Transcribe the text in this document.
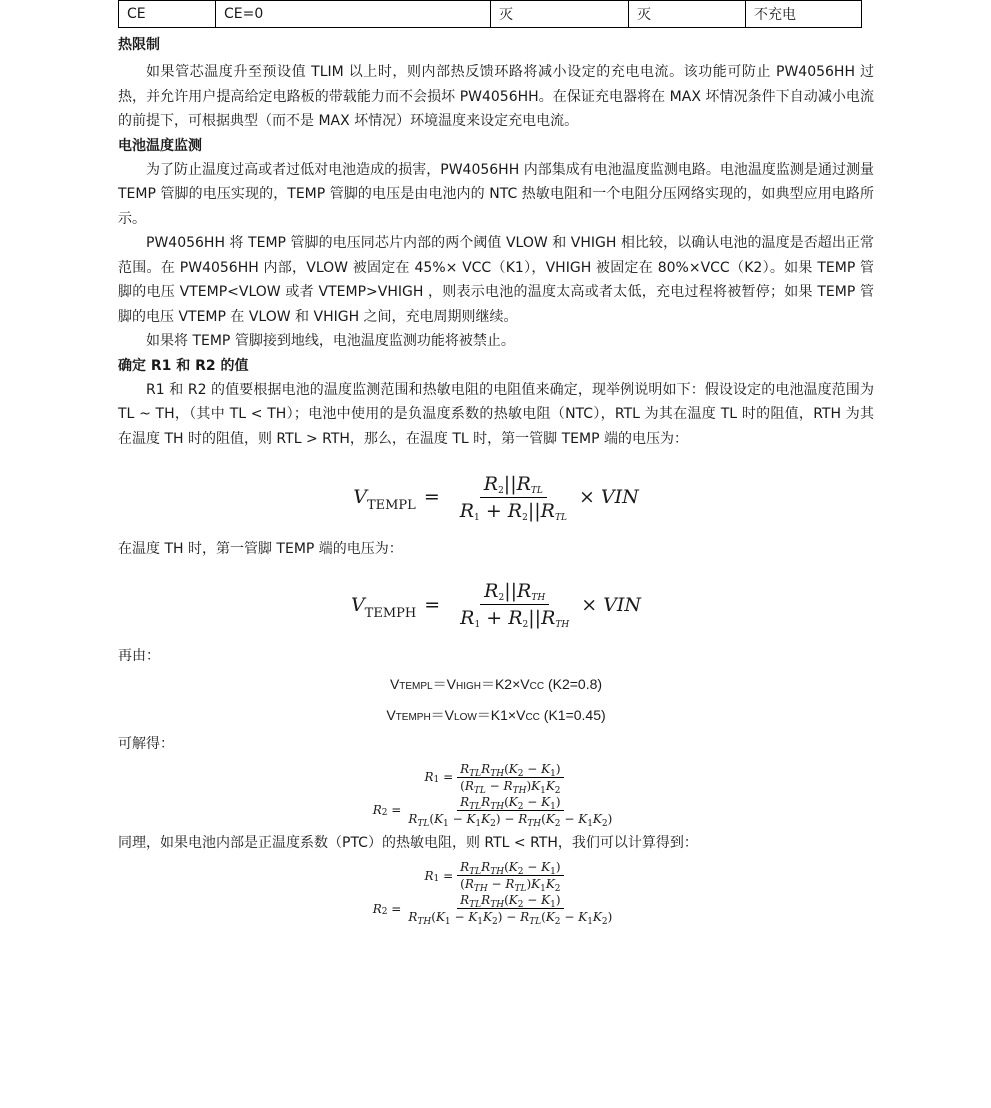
CE	CE=0	灭	灭	不充电
热限制

如果管芯温度升至预设值 TLIM 以上时，则内部热反馈环路将减小设定的充电电流。该功能可防止 PW4056HH 过热，并允许用户提高给定电路板的带载能力而不会损坏 PW4056HH。在保证充电器将在 MAX 坏情况条件下自动减小电流的前提下，可根据典型（而不是 MAX 坏情况）环境温度来设定充电电流。

电池温度监测

为了防止温度过高或者过低对电池造成的损害，PW4056HH 内部集成有电池温度监测电路。电池温度监测是通过测量 TEMP 管脚的电压实现的，TEMP 管脚的电压是由电池内的 NTC 热敏电阻和一个电阻分压网络实现的，如典型应用电路所示。

PW4056HH 将 TEMP 管脚的电压同芯片内部的两个阈值 VLOW 和 VHIGH 相比较，以确认电池的温度是否超出正常范围。在 PW4056HH 内部，VLOW 被固定在 45%× VCC（K1），VHIGH 被固定在 80%×VCC（K2）。如果 TEMP 管脚的电压 VTEMP<VLOW 或者 VTEMP>VHIGH ，则表示电池的温度太高或者太低，充电过程将被暂停；如果 TEMP 管脚的电压 VTEMP 在 VLOW 和 VHIGH 之间，充电周期则继续。

如果将 TEMP 管脚接到地线，电池温度监测功能将被禁止。

确定 R1 和 R2 的值

R1 和 R2 的值要根据电池的温度监测范围和热敏电阻的电阻值来确定，现举例说明如下：假设设定的电池温度范围为 TL ~ TH，（其中 TL < TH）；电池中使用的是负温度系数的热敏电阻（NTC），RTL 为其在温度 TL 时的阻值，RTH 为其在温度 TH 时的阻值，则 RTL > RTH，那么，在温度 TL 时，第一管脚 TEMP 端的电压为：

$V_{TEMPL} = \frac{\text{R2||RTL}}{\text{R1 + R2||RTL}}$ × VIN

在温度 TH 时，第一管脚 TEMP 端的电压为：

$V_{TEMPH} = \frac{\text{R2||RTH}}{\text{R1 + R2||RTH}}$ × VIN

再由：

VTEMPL＝VHIGH＝K2×VCC (K2=0.8)
VTEMPH＝VLOW＝K1×VCC (K1=0.45)

可解得：

R $1 = \frac{R_{TL}R_{TH}(K_2 - K_1)}{(R_{TL} - R_{TH})K_1K_2}$
R $2 = \frac{R_{TL}R_{TH}(K_2 - K_1)}{R_{TL}(K_1 - K_1K_2) - R_{TH}(K_2 - K_1K_2)}$

同理，如果电池内部是正温度系数（PTC）的热敏电阻，则 RTL < RTH，我们可以计算得到：

R $1 = \frac{R_{TL}R_{TH}(K_2 - K_1)}{(R_{TH} - R_{TL})K_1K_2}$
R $2 = \frac{R_{TL}R_{TH}(K_2 - K_1)}{R_{TH}(K_1 - K_1K_2) - R_{TL}(K_2 - K_1K_2)}$
